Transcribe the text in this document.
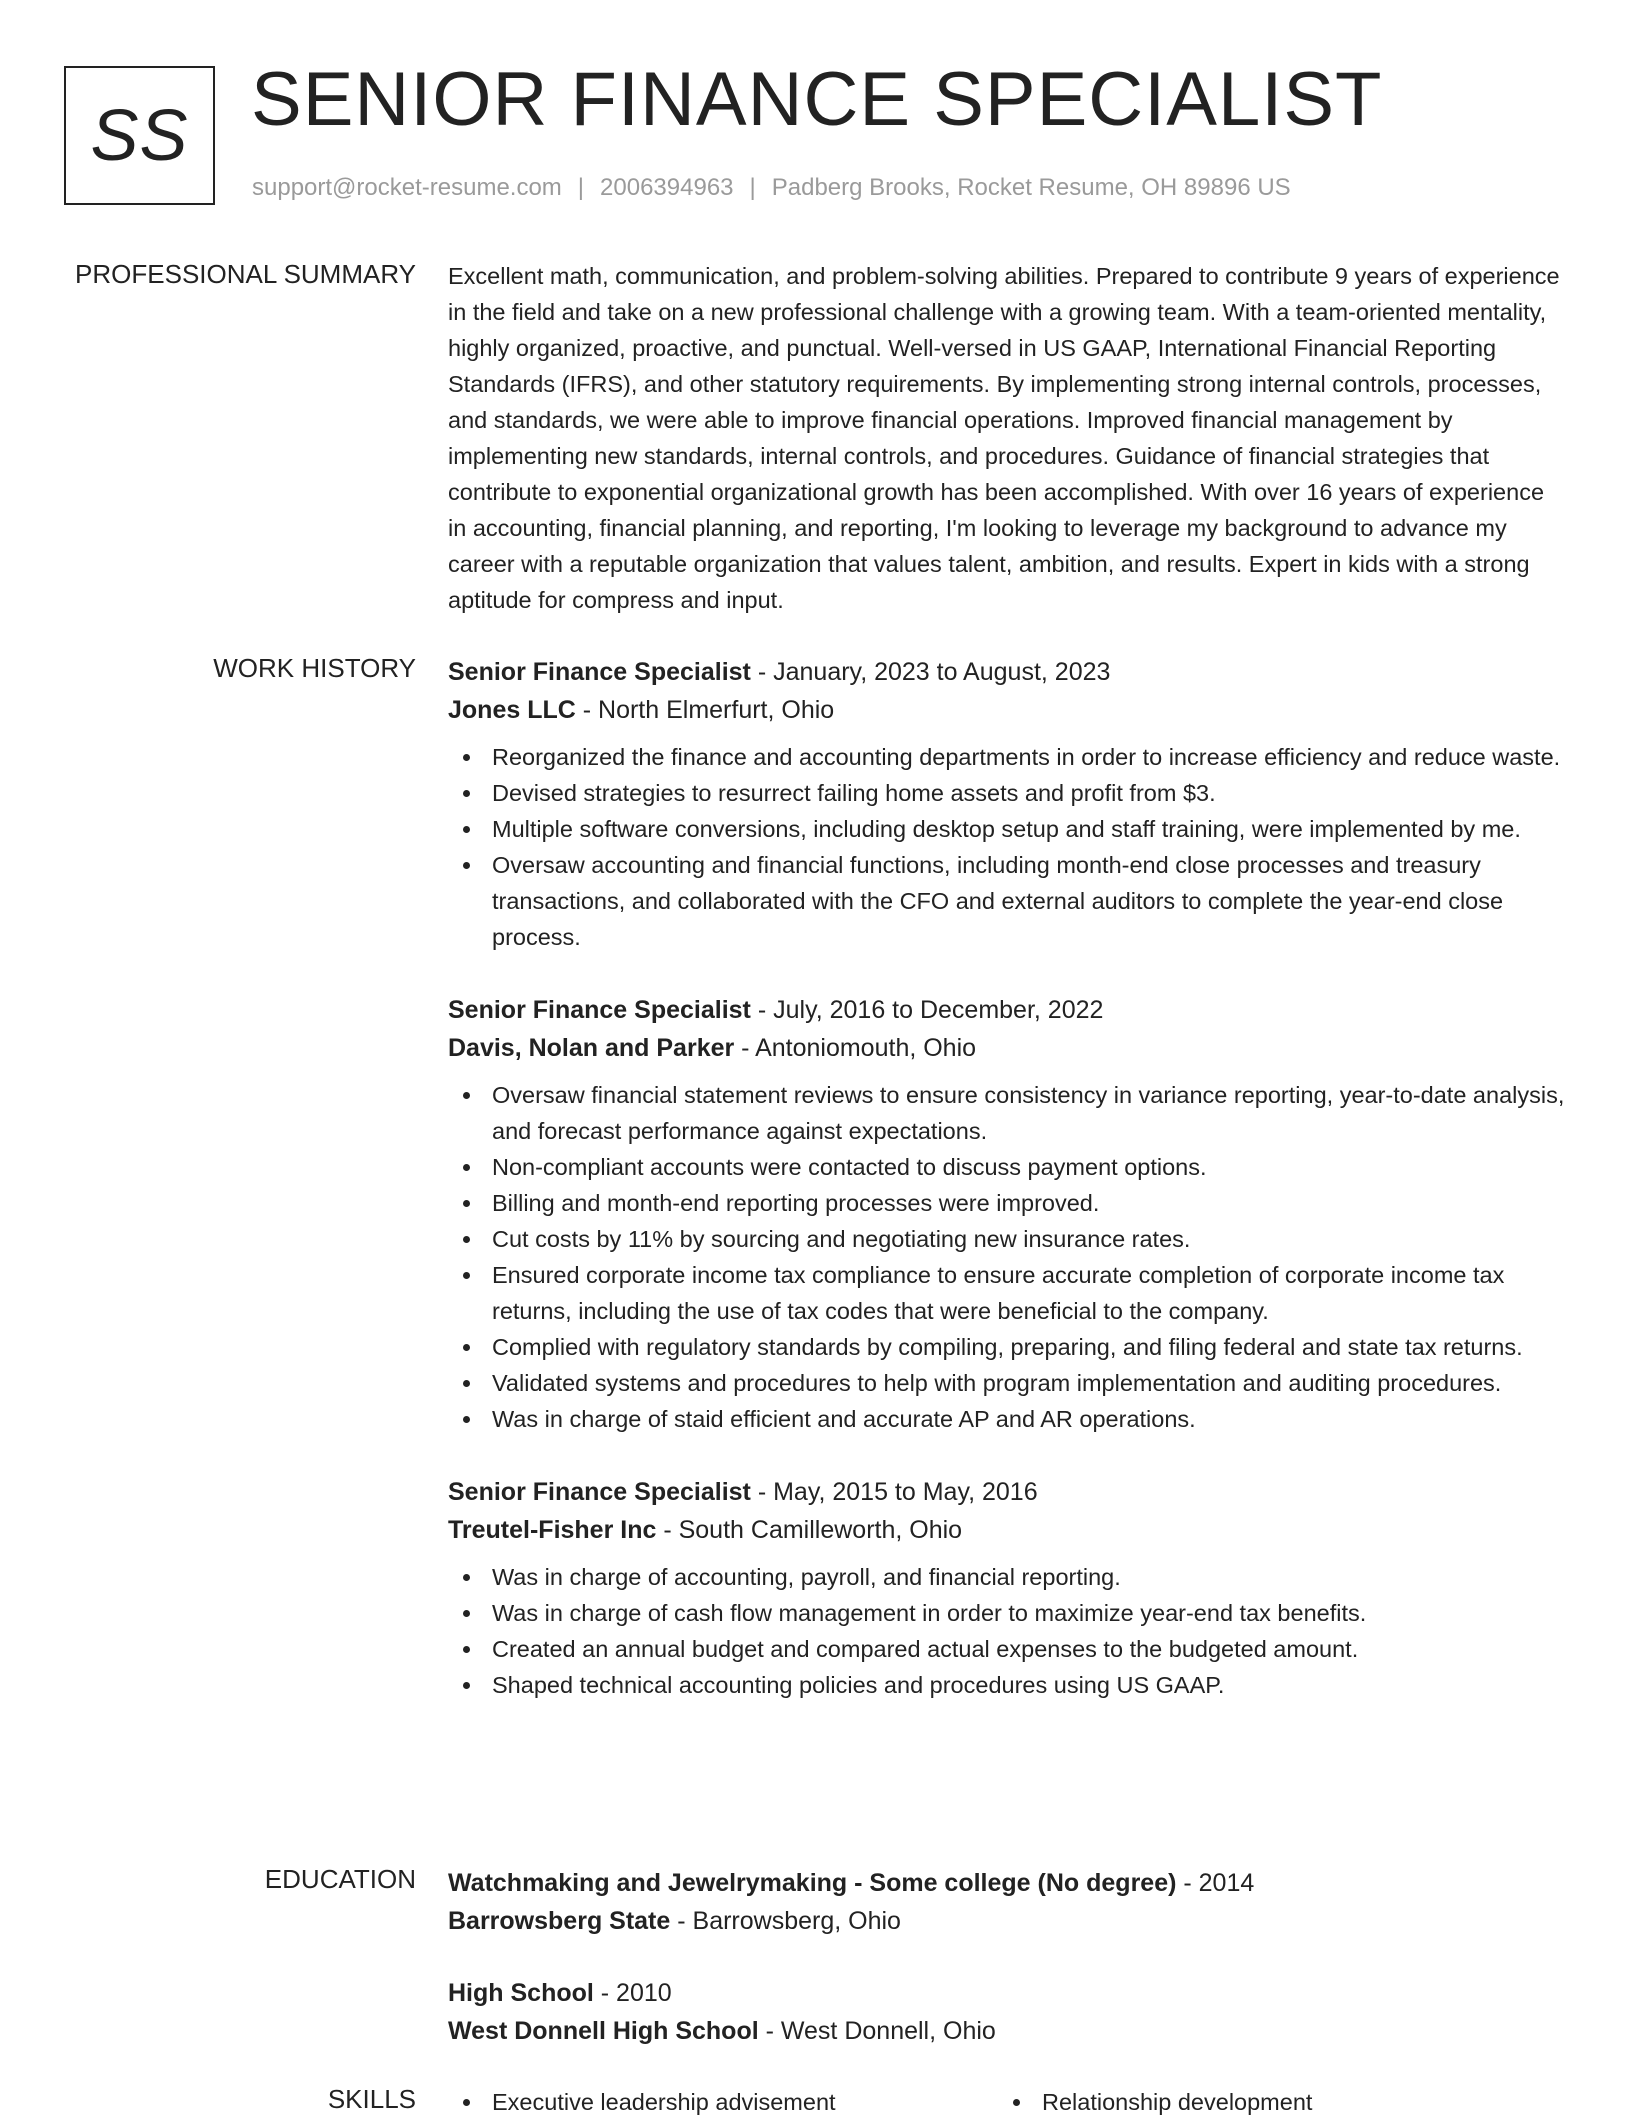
SS SENIOR FINANCE SPECIALIST
support@rocket-resume.com | 2006394963 | Padberg Brooks, Rocket Resume, OH 89896 US
PROFESSIONAL SUMMARY Excellent math, communication, and problem-solving abilities. Prepared to contribute 9 years of experience in the field and take on a new professional challenge with a growing team. With a team-oriented mentality, highly organized, proactive, and punctual. Well-versed in US GAAP, International Financial Reporting Standards (IFRS), and other statutory requirements. By implementing strong internal controls, processes, and standards, we were able to improve financial operations. Improved financial management by implementing new standards, internal controls, and procedures. Guidance of financial strategies that contribute to exponential organizational growth has been accomplished. With over 16 years of experience in accounting, financial planning, and reporting, I'm looking to leverage my background to advance my career with a reputable organization that values talent, ambition, and results. Expert in kids with a strong aptitude for compress and input.

WORK HISTORY Senior Finance Specialist - January, 2023 to August, 2023
Jones LLC - North Elmerfurt, Ohio
Reorganized the finance and accounting departments in order to increase efficiency and reduce waste.
Devised strategies to resurrect failing home assets and profit from $3.
Multiple software conversions, including desktop setup and staff training, were implemented by me.
Oversaw accounting and financial functions, including month-end close processes and treasury transactions, and collaborated with the CFO and external auditors to complete the year-end close process.
Senior Finance Specialist - July, 2016 to December, 2022
Davis, Nolan and Parker - Antoniomouth, Ohio
Oversaw financial statement reviews to ensure consistency in variance reporting, year-to-date analysis, and forecast performance against expectations.
Non-compliant accounts were contacted to discuss payment options.
Billing and month-end reporting processes were improved.
Cut costs by 11% by sourcing and negotiating new insurance rates.
Ensured corporate income tax compliance to ensure accurate completion of corporate income tax returns, including the use of tax codes that were beneficial to the company.
Complied with regulatory standards by compiling, preparing, and filing federal and state tax returns.
Validated systems and procedures to help with program implementation and auditing procedures.
Was in charge of staid efficient and accurate AP and AR operations.
Senior Finance Specialist - May, 2015 to May, 2016
Treutel-Fisher Inc - South Camilleworth, Ohio
Was in charge of accounting, payroll, and financial reporting.
Was in charge of cash flow management in order to maximize year-end tax benefits.
Created an annual budget and compared actual expenses to the budgeted amount.
Shaped technical accounting policies and procedures using US GAAP.
EDUCATION Watchmaking and Jewelrymaking - Some college (No degree) - 2014
Barrowsberg State - Barrowsberg, Ohio
High School - 2010
West Donnell High School - West Donnell, Ohio
SKILLS	Executive leadership advisement	Relationship development
